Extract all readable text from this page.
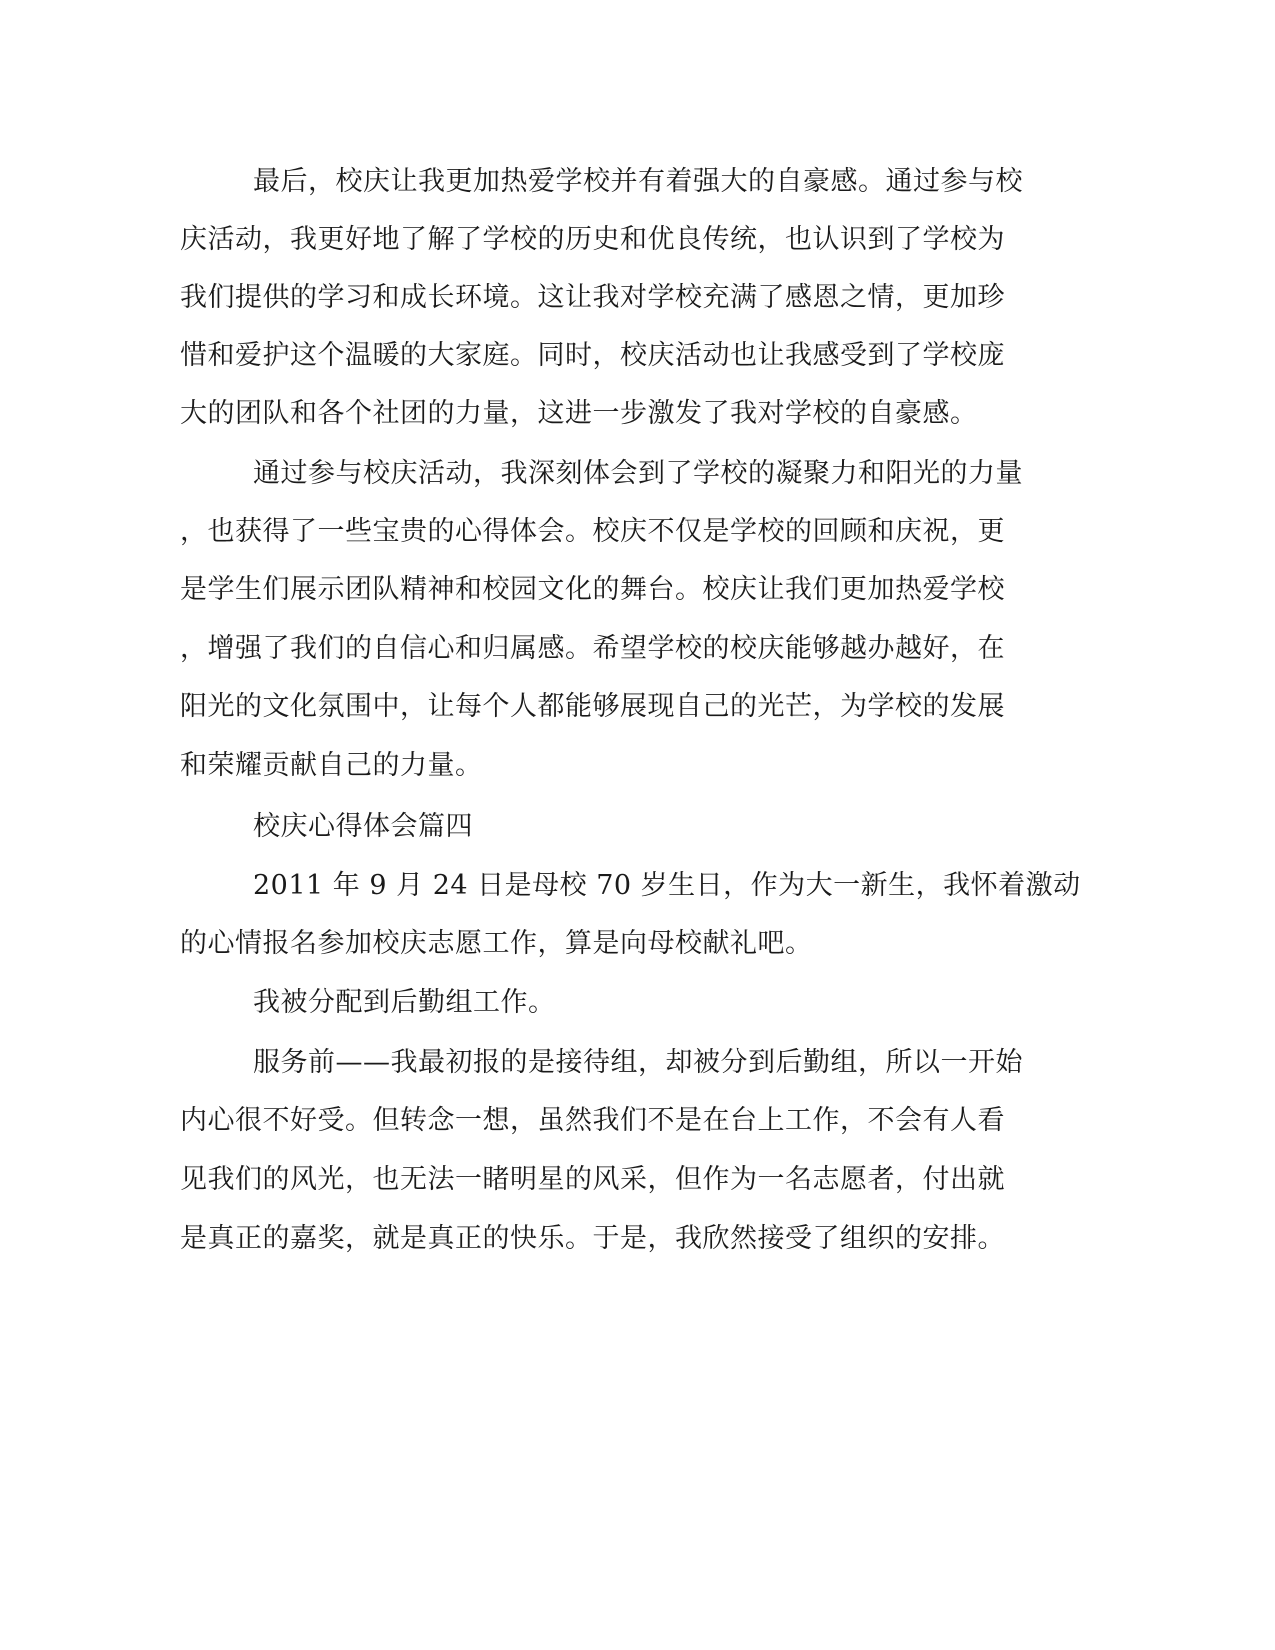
最后，校庆让我更加热爱学校并有着强大的自豪感。通过参与校

庆活动，我更好地了解了学校的历史和优良传统，也认识到了学校为

我们提供的学习和成长环境。这让我对学校充满了感恩之情，更加珍

惜和爱护这个温暖的大家庭。同时，校庆活动也让我感受到了学校庞

大的团队和各个社团的力量，这进一步激发了我对学校的自豪感。

通过参与校庆活动，我深刻体会到了学校的凝聚力和阳光的力量

，也获得了一些宝贵的心得体会。校庆不仅是学校的回顾和庆祝，更

是学生们展示团队精神和校园文化的舞台。校庆让我们更加热爱学校

，增强了我们的自信心和归属感。希望学校的校庆能够越办越好，在

阳光的文化氛围中，让每个人都能够展现自己的光芒，为学校的发展

和荣耀贡献自己的力量。

校庆心得体会篇四

2011 年 9 月 24 日是母校 70 岁生日，作为大一新生，我怀着激动

的心情报名参加校庆志愿工作，算是向母校献礼吧。

我被分配到后勤组工作。

服务前——我最初报的是接待组，却被分到后勤组，所以一开始

内心很不好受。但转念一想，虽然我们不是在台上工作，不会有人看

见我们的风光，也无法一睹明星的风采，但作为一名志愿者，付出就

是真正的嘉奖，就是真正的快乐。于是，我欣然接受了组织的安排。
